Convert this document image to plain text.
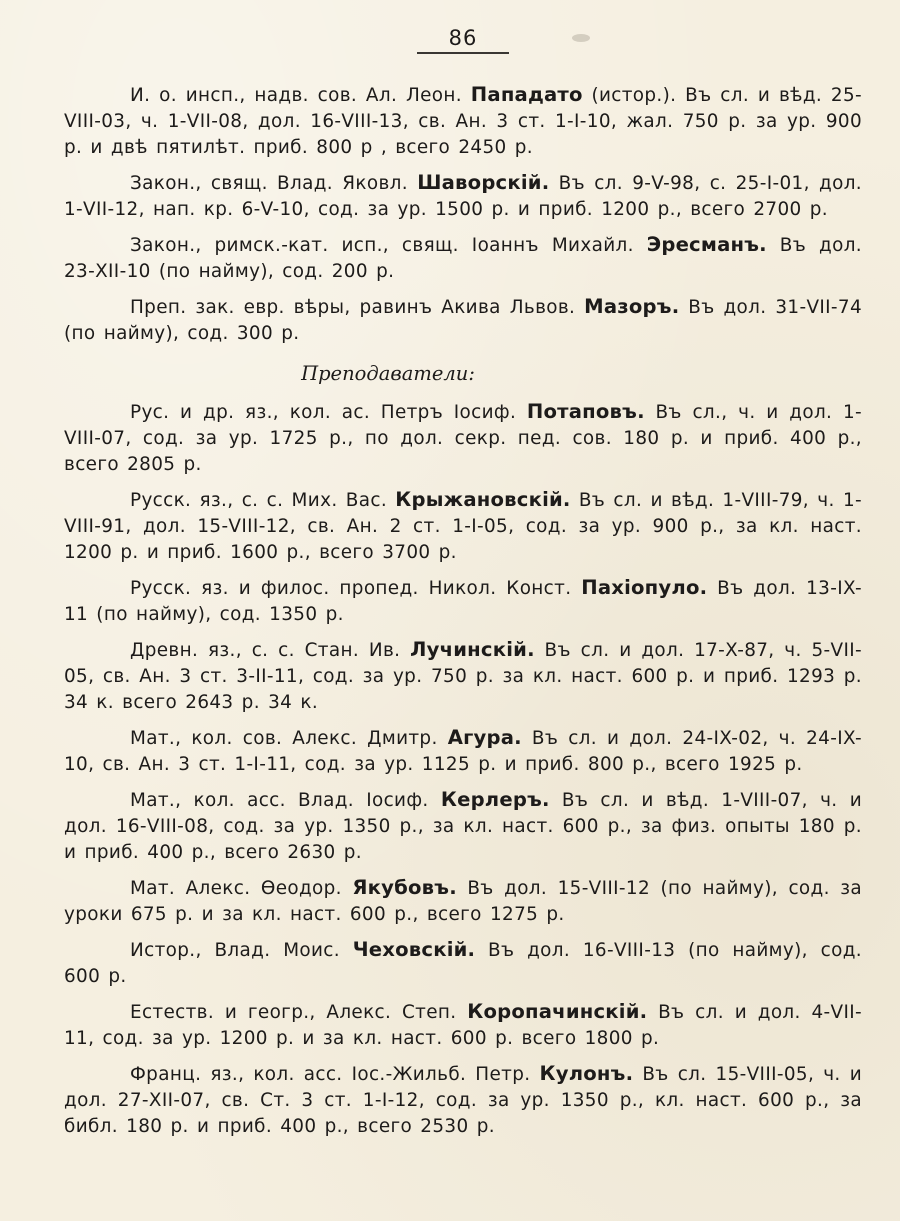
86

И. о. инсп., надв. сов. Ал. Леон. Пападато (истор.). Въ сл. и вѣд. 25-VIII-03, ч. 1-VII-08, дол. 16-VIII-13, св. Ан. 3 ст. 1-I-10, жал. 750 р. за ур. 900 р. и двѣ пятилѣт. приб. 800 р , всего 2450 р.

Закон., свящ. Влад. Яковл. Шаворскій. Въ сл. 9-V-98, с. 25-I-01, дол. 1-VII-12, нап. кр. 6-V-10, сод. за ур. 1500 р. и приб. 1200 р., всего 2700 р.

Закон., римск.-кат. исп., свящ. Іоаннъ Михайл. Эресманъ. Въ дол. 23-XII-10 (по найму), сод. 200 р.

Преп. зак. евр. вѣры, равинъ Акива Львов. Мазоръ. Въ дол. 31-VII-74 (по найму), сод. 300 р.

Преподаватели:

Рус. и др. яз., кол. ас. Петръ Іосиф. Потаповъ. Въ сл., ч. и дол. 1-VIII-07, сод. за ур. 1725 р., по дол. секр. пед. сов. 180 р. и приб. 400 р., всего 2805 р.

Русск. яз., с. с. Мих. Вас. Крыжановскій. Въ сл. и вѣд. 1-VIII-79, ч. 1-VIII-91, дол. 15-VIII-12, св. Ан. 2 ст. 1-I-05, сод. за ур. 900 р., за кл. наст. 1200 р. и приб. 1600 р., всего 3700 р.

Русск. яз. и филос. пропед. Никол. Конст. Пахіопуло. Въ дол. 13-IX-11 (по найму), сод. 1350 р.

Древн. яз., с. с. Стан. Ив. Лучинскій. Въ сл. и дол. 17-X-87, ч. 5-VII-05, св. Ан. 3 ст. 3-II-11, сод. за ур. 750 р. за кл. наст. 600 р. и приб. 1293 р. 34 к. всего 2643 р. 34 к.

Мат., кол. сов. Алекс. Дмитр. Агура. Въ сл. и дол. 24-IX-02, ч. 24-IX-10, св. Ан. 3 ст. 1-I-11, сод. за ур. 1125 р. и приб. 800 р., всего 1925 р.

Мат., кол. асс. Влад. Іосиф. Керлеръ. Въ сл. и вѣд. 1-VIII-07, ч. и дол. 16-VIII-08, сод. за ур. 1350 р., за кл. наст. 600 р., за физ. опыты 180 р. и приб. 400 р., всего 2630 р.

Мат. Алекс. Өеодор. Якубовъ. Въ дол. 15-VIII-12 (по найму), сод. за уроки 675 р. и за кл. наст. 600 р., всего 1275 р.

Истор., Влад. Моис. Чеховскій. Въ дол. 16-VIII-13 (по найму), сод. 600 р.

Естеств. и геогр., Алекс. Степ. Коропачинскій. Въ сл. и дол. 4-VII-11, сод. за ур. 1200 р. и за кл. наст. 600 р. всего 1800 р.

Франц. яз., кол. асс. Іос.-Жильб. Петр. Кулонъ. Въ сл. 15-VIII-05, ч. и дол. 27-XII-07, св. Ст. 3 ст. 1-I-12, сод. за ур. 1350 р., кл. наст. 600 р., за библ. 180 р. и приб. 400 р., всего 2530 р.
